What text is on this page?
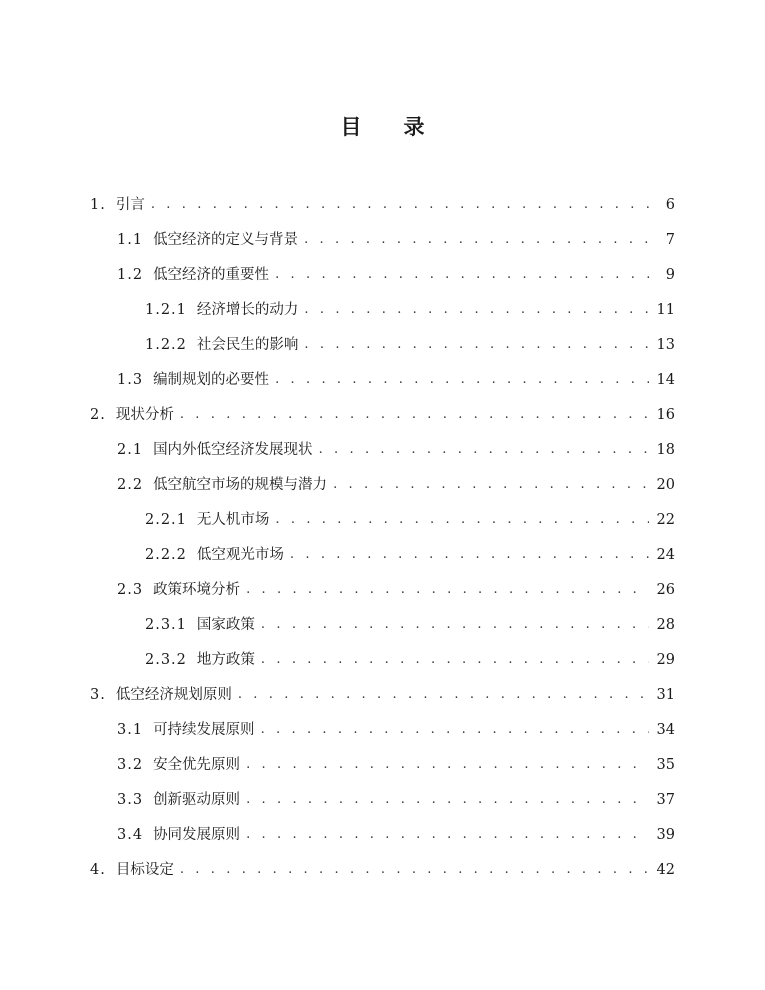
目录
1. 引言 . . .	6
1.1 低空经济的定义与背景 . . .	7
1.2 低空经济的重要性 . . .	9
1.2.1 经济增长的动力 . . .	11
1.2.2 社会民生的影响 . . .	13
1.3 编制规划的必要性 . . .	14
2. 现状分析 . . .	16
2.1 国内外低空经济发展现状 . . .	18
2.2 低空航空市场的规模与潜力 . . .	20
2.2.1 无人机市场 . . .	22
2.2.2 低空观光市场 . . .	24
2.3 政策环境分析 . . .	26
2.3.1 国家政策 . . .	28
2.3.2 地方政策 . . .	29
3. 低空经济规划原则 . . .	31
3.1 可持续发展原则 . . .	34
3.2 安全优先原则 . . .	35
3.3 创新驱动原则 . . .	37
3.4 协同发展原则 . . .	39
4. 目标设定 . . .	42
